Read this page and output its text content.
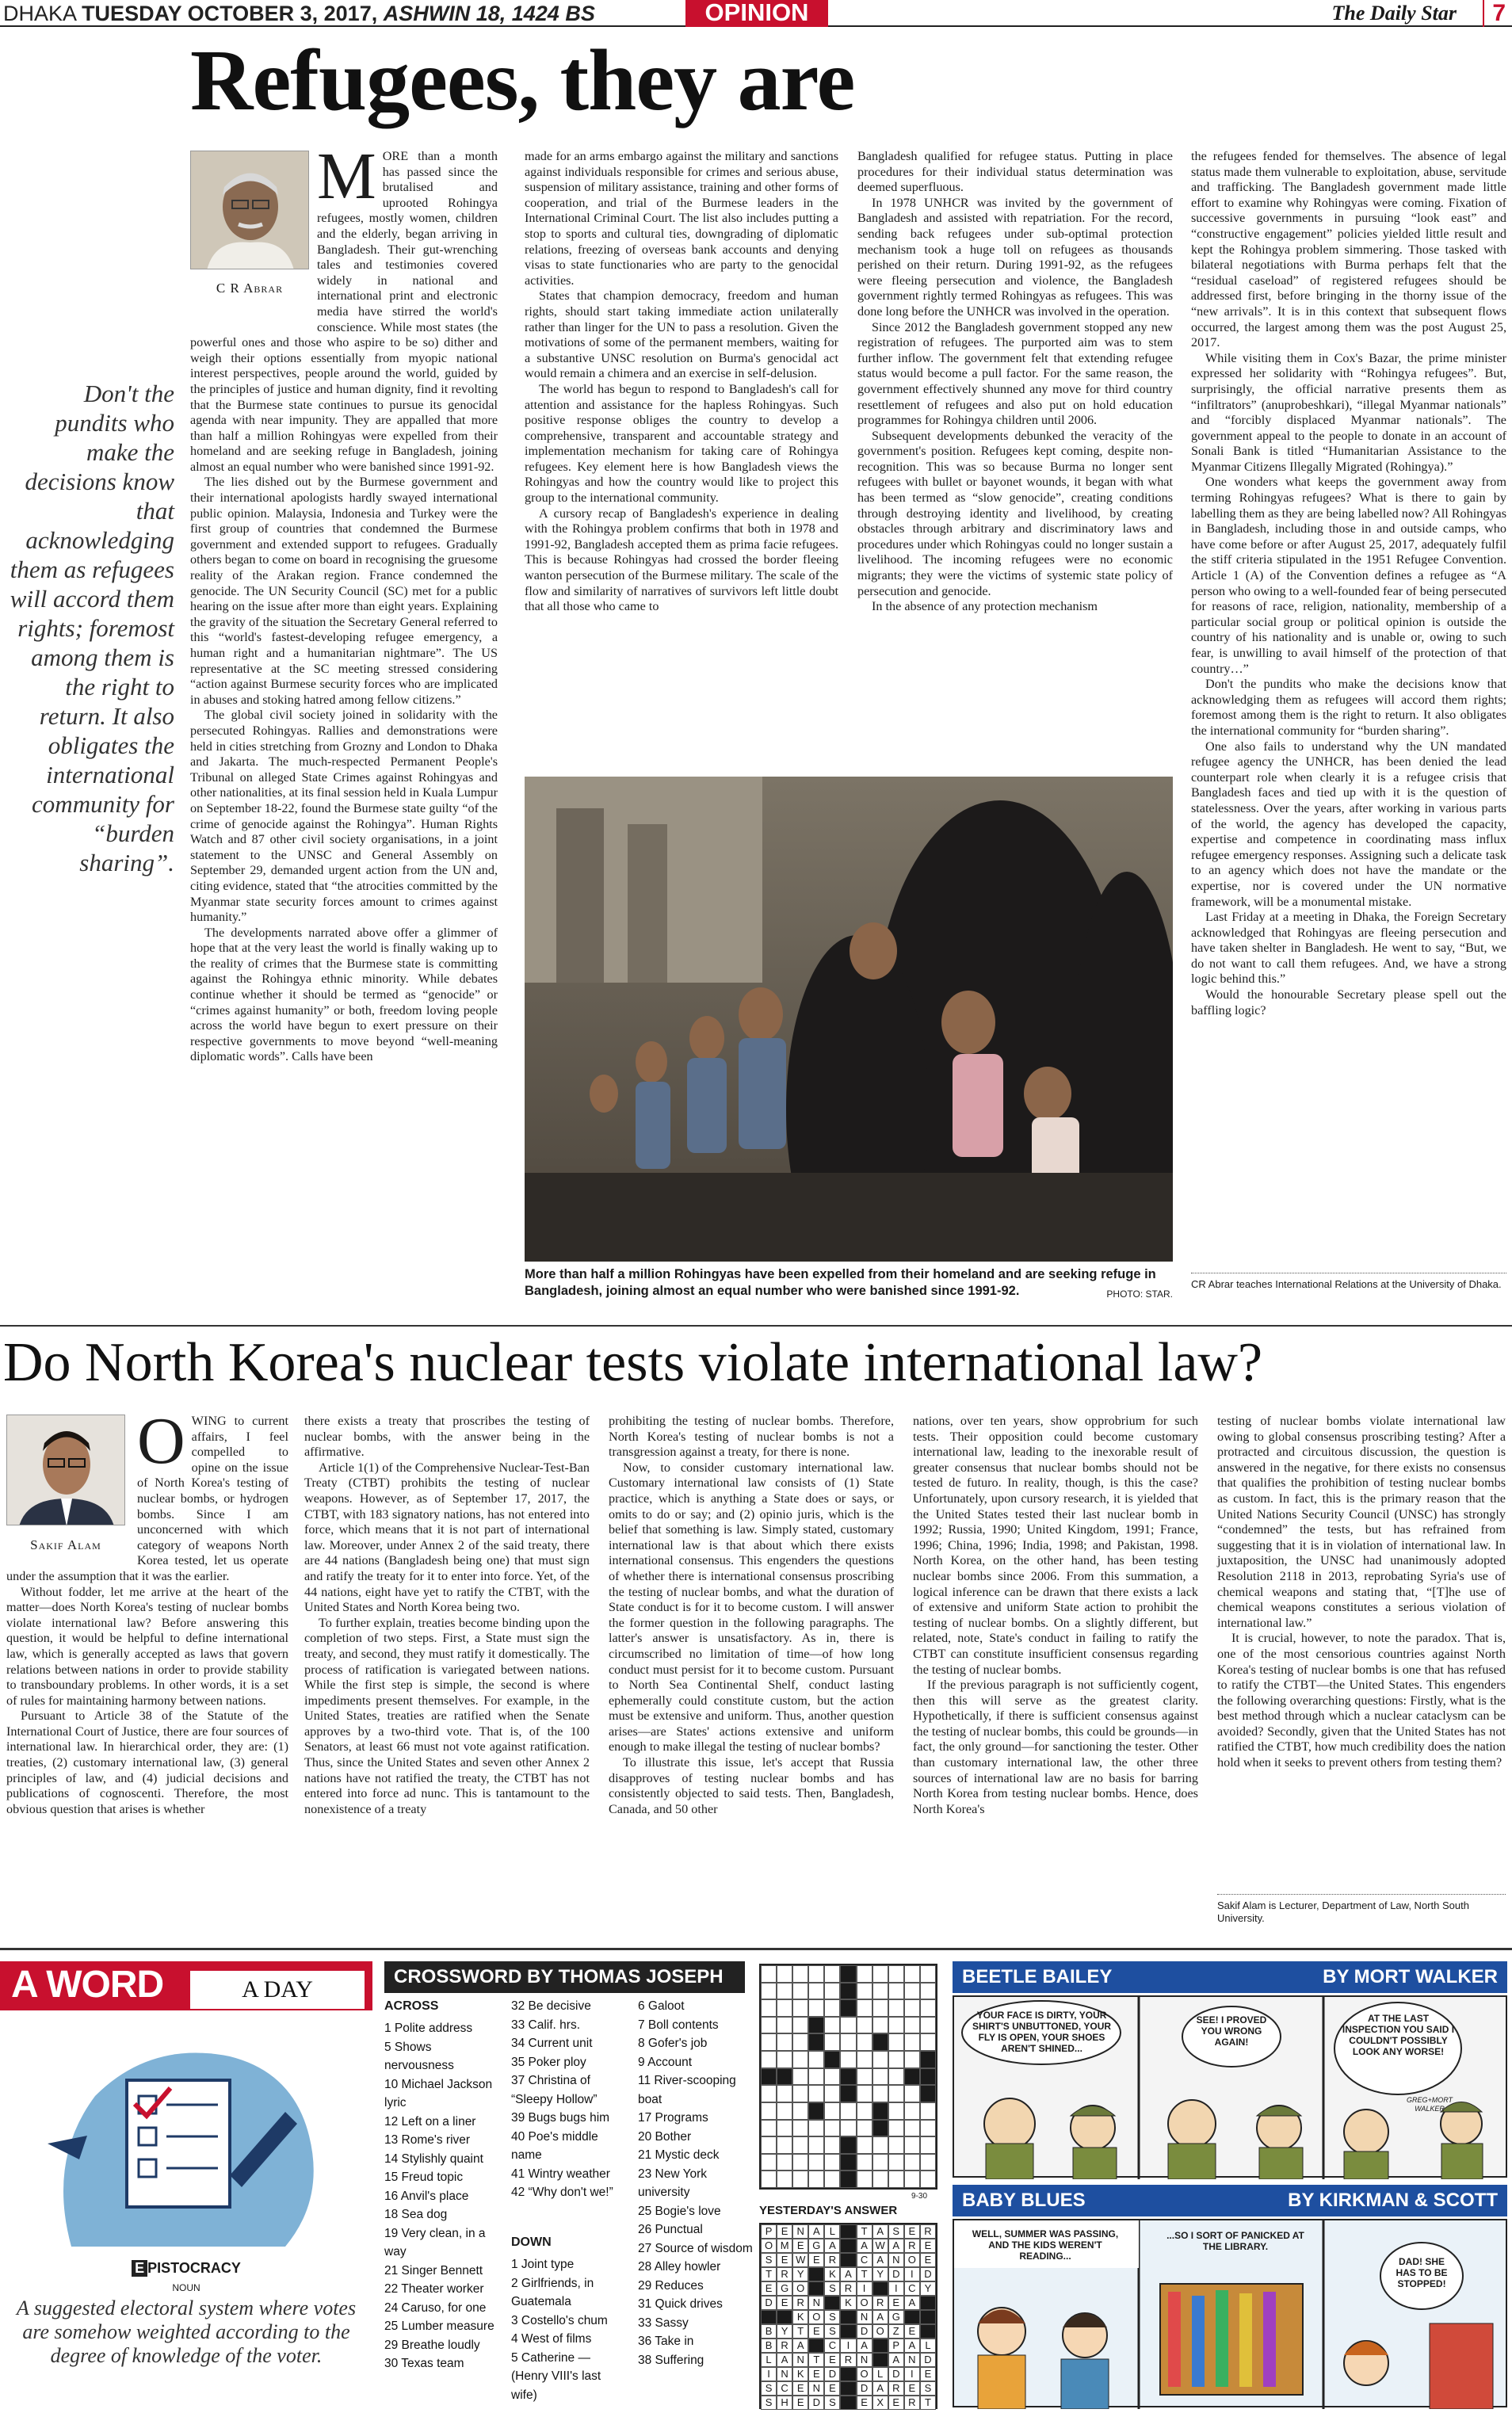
DHAKA TUESDAY OCTOBER 3, 2017, ASHWIN 18, 1424 BS	OPINION	The Daily Star	7
Refugees, they are
C R Abrar
Don't the pundits who make the decisions know that acknowledging them as refugees will accord them rights; foremost among them is the right to return. It also obligates the international community for “burden sharing”.
M ORE than a month has passed since the brutalised and uprooted Rohingya refugees, mostly women, children and the elderly, began arriving in Bangladesh. Their gut-wrenching tales and testimonies covered widely in national and international print and electronic media have stirred the world's conscience. While most states (the powerful ones and those who aspire to be so) dither and weigh their options essentially from myopic national interest perspectives, people around the world, guided by the principles of justice and human dignity, find it revolting that the Burmese state continues to pursue its genocidal agenda with near impunity. They are appalled that more than half a million Rohingyas were expelled from their homeland and are seeking refuge in Bangladesh, joining almost an equal number who were banished since 1991-92.

The lies dished out by the Burmese government and their international apologists hardly swayed international public opinion. Malaysia, Indonesia and Turkey were the first group of countries that condemned the Burmese government and extended support to refugees. Gradually others began to come on board in recognising the gruesome reality of the Arakan region. France condemned the genocide. The UN Security Council (SC) met for a public hearing on the issue after more than eight years. Explaining the gravity of the situation the Secretary General referred to this “world's fastest-developing refugee emergency, a human right and a humanitarian nightmare”. The US representative at the SC meeting stressed considering “action against Burmese security forces who are implicated in abuses and stoking hatred among fellow citizens.”

The global civil society joined in solidarity with the persecuted Rohingyas. Rallies and demonstrations were held in cities stretching from Grozny and London to Dhaka and Jakarta. The much-respected Permanent People's Tribunal on alleged State Crimes against Rohingyas and other nationalities, at its final session held in Kuala Lumpur on September 18-22, found the Burmese state guilty “of the crime of genocide against the Rohingya”. Human Rights Watch and 87 other civil society organisations, in a joint statement to the UNSC and General Assembly on September 29, demanded urgent action from the UN and, citing evidence, stated that “the atrocities committed by the Myanmar state security forces amount to crimes against humanity.”

The developments narrated above offer a glimmer of hope that at the very least the world is finally waking up to the reality of crimes that the Burmese state is committing against the Rohingya ethnic minority. While debates continue whether it should be termed as “genocide” or “crimes against humanity” or both, freedom loving people across the world have begun to exert pressure on their respective governments to move beyond “well-meaning diplomatic words”. Calls have been

made for an arms embargo against the military and sanctions against individuals responsible for crimes and serious abuse, suspension of military assistance, training and other forms of cooperation, and trial of the Burmese leaders in the International Criminal Court. The list also includes putting a stop to sports and cultural ties, downgrading of diplomatic relations, freezing of overseas bank accounts and denying visas to state functionaries who are party to the genocidal activities.

States that champion democracy, freedom and human rights, should start taking immediate action unilaterally rather than linger for the UN to pass a resolution. Given the motivations of some of the permanent members, waiting for a substantive UNSC resolution on Burma's genocidal act would remain a chimera and an exercise in self-delusion.

The world has begun to respond to Bangladesh's call for attention and assistance for the hapless Rohingyas. Such positive response obliges the country to develop a comprehensive, transparent and accountable strategy and implementation mechanism for taking care of Rohingya refugees. Key element here is how Bangladesh views the Rohingyas and how the country would like to project this group to the international community.

A cursory recap of Bangladesh's experience in dealing with the Rohingya problem confirms that both in 1978 and 1991-92, Bangladesh accepted them as prima facie refugees. This is because Rohingyas had crossed the border fleeing wanton persecution of the Burmese military. The scale of the flow and similarity of narratives of survivors left little doubt that all those who came to

Bangladesh qualified for refugee status. Putting in place procedures for their individual status determination was deemed superfluous.

In 1978 UNHCR was invited by the government of Bangladesh and assisted with repatriation. For the record, sending back refugees under sub-optimal protection mechanism took a huge toll on refugees as thousands perished on their return. During 1991-92, as the refugees were fleeing persecution and violence, the Bangladesh government rightly termed Rohingyas as refugees. This was done long before the UNHCR was involved in the operation.

Since 2012 the Bangladesh government stopped any new registration of refugees. The purported aim was to stem further inflow. The government felt that extending refugee status would become a pull factor. For the same reason, the government effectively shunned any move for third country resettlement of refugees and also put on hold education programmes for Rohingya children until 2006.

Subsequent developments debunked the veracity of the government's position. Refugees kept coming, despite non-recognition. This was so because Burma no longer sent refugees with bullet or bayonet wounds, it began with what has been termed as “slow genocide”, creating conditions through destroying identity and livelihood, by creating obstacles through arbitrary and discriminatory laws and procedures under which Rohingyas could no longer sustain a livelihood. The incoming refugees were no economic migrants; they were the victims of systemic state policy of persecution and genocide.

In the absence of any protection mechanism

the refugees fended for themselves. The absence of legal status made them vulnerable to exploitation, abuse, servitude and trafficking. The Bangladesh government made little effort to examine why Rohingyas were coming. Fixation of successive governments in pursuing “look east” and “constructive engagement” policies yielded little result and kept the Rohingya problem simmering. Those tasked with bilateral negotiations with Burma perhaps felt that the “residual caseload” of registered refugees should be addressed first, before bringing in the thorny issue of the “new arrivals”. It is in this context that subsequent flows occurred, the largest among them was the post August 25, 2017.

While visiting them in Cox's Bazar, the prime minister expressed her solidarity with “Rohingya refugees”. But, surprisingly, the official narrative presents them as “infiltrators” (anuprobeshkari), “illegal Myanmar nationals” and “forcibly displaced Myanmar nationals”. The government appeal to the people to donate in an account of Sonali Bank is titled “Humanitarian Assistance to the Myanmar Citizens Illegally Migrated (Rohingya).”

One wonders what keeps the government away from terming Rohingyas refugees? What is there to gain by labelling them as they are being labelled now? All Rohingyas in Bangladesh, including those in and outside camps, who have come before or after August 25, 2017, adequately fulfil the stiff criteria stipulated in the 1951 Refugee Convention. Article 1 (A) of the Convention defines a refugee as “A person who owing to a well-founded fear of being persecuted for reasons of race, religion, nationality, membership of a particular social group or political opinion is outside the country of his nationality and is unable or, owing to such fear, is unwilling to avail himself of the protection of that country…”

Don't the pundits who make the decisions know that acknowledging them as refugees will accord them rights; foremost among them is the right to return. It also obligates the international community for “burden sharing”.

One also fails to understand why the UN mandated refugee agency the UNHCR, has been denied the lead counterpart role when clearly it is a refugee crisis that Bangladesh faces and tied up with it is the question of statelessness. Over the years, after working in various parts of the world, the agency has developed the capacity, expertise and competence in coordinating mass influx refugee emergency responses. Assigning such a delicate task to an agency which does not have the mandate or the expertise, nor is covered under the UN normative framework, will be a monumental mistake.

Last Friday at a meeting in Dhaka, the Foreign Secretary acknowledged that Rohingyas are fleeing persecution and have taken shelter in Bangladesh. He went to say, “But, we do not want to call them refugees. And, we have a strong logic behind this.”

Would the honourable Secretary please spell out the baffling logic?

CR Abrar teaches International Relations at the University of Dhaka.
More than half a million Rohingyas have been expelled from their homeland and are seeking refuge in Bangladesh, joining almost an equal number who were banished since 1991-92.	PHOTO: STAR.
Do North Korea's nuclear tests violate international law?
Sakif Alam
O WING to current affairs, I feel compelled to opine on the issue of North Korea's testing of nuclear bombs, or hydrogen bombs. Since I am unconcerned with which category of weapons North Korea tested, let us operate under the assumption that it was the earlier.

Without fodder, let me arrive at the heart of the matter—does North Korea's testing of nuclear bombs violate international law? Before answering this question, it would be helpful to define international law, which is generally accepted as laws that govern relations between nations in order to provide stability to transboundary problems. In other words, it is a set of rules for maintaining harmony between nations.

Pursuant to Article 38 of the Statute of the International Court of Justice, there are four sources of international law. In hierarchical order, they are: (1) treaties, (2) customary international law, (3) general principles of law, and (4) judicial decisions and publications of cognoscenti. Therefore, the most obvious question that arises is whether

there exists a treaty that proscribes the testing of nuclear bombs, with the answer being in the affirmative.

Article 1(1) of the Comprehensive Nuclear-Test-Ban Treaty (CTBT) prohibits the testing of nuclear weapons. However, as of September 17, 2017, the CTBT, with 183 signatory nations, has not entered into force, which means that it is not part of international law. Moreover, under Annex 2 of the said treaty, there are 44 nations (Bangladesh being one) that must sign and ratify the treaty for it to enter into force. Yet, of the 44 nations, eight have yet to ratify the CTBT, with the United States and North Korea being two.

To further explain, treaties become binding upon the completion of two steps. First, a State must sign the treaty, and second, they must ratify it domestically. The process of ratification is variegated between nations. While the first step is simple, the second is where impediments present themselves. For example, in the United States, treaties are ratified when the Senate approves by a two-third vote. That is, of the 100 Senators, at least 66 must not vote against ratification. Thus, since the United States and seven other Annex 2 nations have not ratified the treaty, the CTBT has not entered into force ad nunc. This is tantamount to the nonexistence of a treaty

prohibiting the testing of nuclear bombs. Therefore, North Korea's testing of nuclear bombs is not a transgression against a treaty, for there is none.

Now, to consider customary international law. Customary international law consists of (1) State practice, which is anything a State does or says, or omits to do or say; and (2) opinio juris, which is the belief that something is law. Simply stated, customary international law is that about which there exists international consensus. This engenders the questions of whether there is international consensus proscribing the testing of nuclear bombs, and what the duration of State conduct is for it to become custom. I will answer the former question in the following paragraphs. The latter's answer is unsatisfactory. As in, there is circumscribed no limitation of time—of how long conduct must persist for it to become custom. Pursuant to North Sea Continental Shelf, conduct lasting ephemerally could constitute custom, but the action must be extensive and uniform. Thus, another question arises—are States' actions extensive and uniform enough to make illegal the testing of nuclear bombs?

To illustrate this issue, let's accept that Russia disapproves of testing nuclear bombs and has consistently objected to said tests. Then, Bangladesh, Canada, and 50 other

nations, over ten years, show opprobrium for such tests. Their opposition could become customary international law, leading to the inexorable result of greater consensus that nuclear bombs should not be tested de futuro. In reality, though, is this the case? Unfortunately, upon cursory research, it is yielded that the United States tested their last nuclear bomb in 1992; Russia, 1990; United Kingdom, 1991; France, 1996; China, 1996; India, 1998; and Pakistan, 1998. North Korea, on the other hand, has been testing nuclear bombs since 2006. From this summation, a logical inference can be drawn that there exists a lack of extensive and uniform State action to prohibit the testing of nuclear bombs. On a slightly different, but related, note, State's conduct in failing to ratify the CTBT can constitute insufficient consensus regarding the testing of nuclear bombs.

If the previous paragraph is not sufficiently cogent, then this will serve as the greatest clarity. Hypothetically, if there is sufficient consensus against the testing of nuclear bombs, this could be grounds—in fact, the only ground—for sanctioning the tester. Other than customary international law, the other three sources of international law are no basis for barring North Korea from testing nuclear bombs. Hence, does North Korea's

testing of nuclear bombs violate international law owing to global consensus proscribing testing? After a protracted and circuitous discussion, the question is answered in the negative, for there exists no consensus that qualifies the prohibition of testing nuclear bombs as custom. In fact, this is the primary reason that the United Nations Security Council (UNSC) has strongly “condemned” the tests, but has refrained from suggesting that it is in violation of international law. In juxtaposition, the UNSC had unanimously adopted Resolution 2118 in 2013, reprobating Syria's use of chemical weapons and stating that, “[T]he use of chemical weapons constitutes a serious violation of international law.”

It is crucial, however, to note the paradox. That is, one of the most censorious countries against North Korea's testing of nuclear bombs is one that has refused to ratify the CTBT—the United States. This engenders the following overarching questions: Firstly, what is the best method through which a nuclear cataclysm can be avoided? Secondly, given that the United States has not ratified the CTBT, how much credibility does the nation hold when it seeks to prevent others from testing them?

Sakif Alam is Lecturer, Department of Law, North South University.
A WORD	A DAY
E PISTOCRACY
NOUN
A suggested electoral system where votes are somehow weighted according to the degree of knowledge of the voter.
CROSSWORD BY THOMAS JOSEPH
ACROSS
1 Polite address
5 Shows nervousness
10 Michael Jackson lyric
12 Left on a liner
13 Rome's river
14 Stylishly quaint
15 Freud topic
16 Anvil's place
18 Sea dog
19 Very clean, in a way
21 Singer Bennett
22 Theater worker
24 Caruso, for one
25 Lumber measure
29 Breathe loudly
30 Texas team
32 Be decisive
33 Calif. hrs.
34 Current unit
35 Poker ploy
37 Christina of “Sleepy Hollow”
39 Bugs bugs him
40 Poe's middle name
41 Wintry weather
42 “Why don't we!”
DOWN
1 Joint type
2 Girlfriends, in Guatemala
3 Costello's chum
4 West of films
5 Catherine — (Henry VIII's last wife)
6 Galoot
7 Boll contents
8 Gofer's job
9 Account
11 River-scooping boat
17 Programs
20 Bother
21 Mystic deck
23 New York university
25 Bogie's love
26 Punctual
27 Source of wisdom
28 Alley howler
29 Reduces
31 Quick drives
33 Sassy
36 Take in
38 Suffering
9-30
YESTERDAY'S ANSWER
P E N A L	T A S E R
O M E G A	A W A R E
S E W E R	C A N O E
T R Y	K A T Y D	I	D
E G O	S R	I	I	C Y
D E R N	K O R E A
K O S	N A G
B Y T E S	D O Z E
B R A	C	I	A	P A L
L A N T E R N	A N D
I	N K E D	O L D	I	E
S C E N E	D A R E S
S H E D S	E X E R T
BEETLE BAILEY	BY MORT WALKER
YOUR FACE IS DIRTY, YOUR SHIRT'S UNBUTTONED, YOUR FLY IS OPEN, YOUR SHOES AREN'T SHINED...
SEE! I PROVED YOU WRONG AGAIN!
AT THE LAST INSPECTION YOU SAID I COULDN'T POSSIBLY LOOK ANY WORSE!
GREG+MORT WALKER
BABY BLUES	BY KIRKMAN & SCOTT
WELL, SUMMER WAS PASSING, AND THE KIDS WEREN'T READING...
...SO I SORT OF PANICKED AT THE LIBRARY.
DAD! SHE HAS TO BE STOPPED!
